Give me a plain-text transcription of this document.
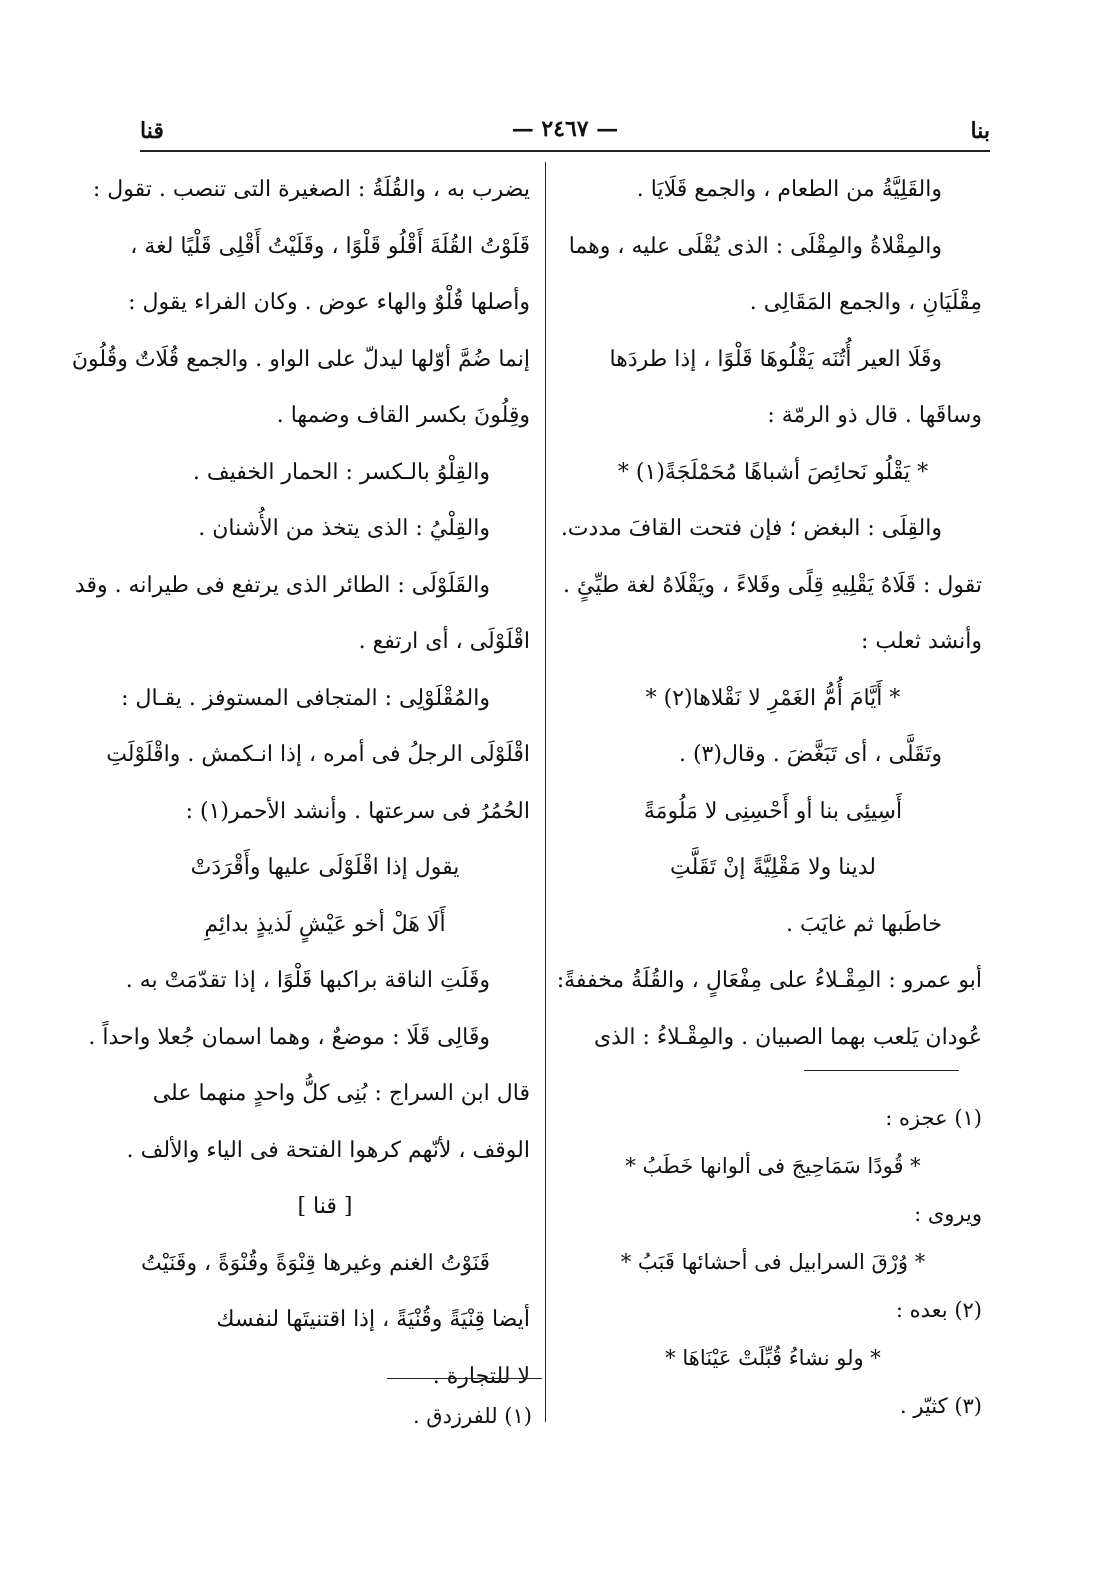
بنا
— ٢٤٦٧ —
قنا
والقَلِيَّةُ من الطعام ، والجمع قَلَايَا .
والمِقْلاةُ والمِقْلَى : الذى يُقْلَى عليه ، وهما
مِقْلَيَانِ ، والجمع المَقَالِى .
وقَلَا العير أُتُنَه يَقْلُوهَا قَلْوًا ، إذا طردَها
وساقَها . قال ذو الرمّة :
* يَقْلُو نَحائِصَ أشباهًا مُحَمْلَجَةً(١) *
والقِلَى : البغض ؛ فإن فتحت القافَ مددت.
تقول : قَلَاهُ يَقْلِيهِ قِلًى وقَلاءً ، ويَقْلَاهُ لغة طيِّئٍ .
وأنشد ثعلب :
* أَيَّامَ أُمُّ الغَمْرِ لا نَقْلاها(٢) *
وتَقَلَّى ، أى تَبَغَّضَ . وقال(٣) .
أَسِيئِى بنا أو أَحْسِنِى لا مَلُومَةً
لدينا ولا مَقْلِيَّةً إنْ تَقَلَّتِ
خاطَبها ثم غايَبَ .
أبو عمرو : المِقْـلاءُ على مِفْعَالٍ ، والقُلَةُ مخففةً:
عُودان يَلعب بهما الصبيان . والمِقْـلاءُ : الذى
(١) عجزه :
* قُودًا سَمَاحِيجَ فى ألوانها خَطَبُ *
ويروى :
* وُرْقَ السرابيل فى أحشائها قَبَبُ *
(٢) بعده :
* ولو نشاءُ قُبِّلَتْ عَيْنَاهَا *
(٣) كثيّر .
يضرب به ، والقُلَةُ : الصغيرة التى تنصب . تقول :
قَلَوْتُ القُلَةَ أَقْلُو قَلْوًا ، وقَلَيْتُ أَقْلِى قَلْيًا لغة ،
وأصلها قُلْوٌ والهاء عوض . وكان الفراء يقول :
إنما ضُمَّ أوّلها ليدلّ على الواو . والجمع قُلَاتٌ وقُلُونَ
وقِلُونَ بكسر القاف وضمها .
والقِلْوُ بالـكسر : الحمار الخفيف .
والقِلْيُ : الذى يتخذ من الأُشنان .
والقَلَوْلَى : الطائر الذى يرتفع فى طيرانه . وقد
اقْلَوْلَى ، أى ارتفع .
والمُقْلَوْلِى : المتجافى المستوفز . يقـال :
اقْلَوْلَى الرجلُ فى أمره ، إذا انـكمش . واقْلَوْلَتِ
الحُمُرُ فى سرعتها . وأنشد الأحمر(١) :
يقول إذا اقْلَوْلَى عليها وأَقْرَدَتْ
أَلَا هَلْ أخو عَيْشٍ لَذيذٍ بدائِمِ
وقَلَتِ الناقة براكبها قَلْوًا ، إذا تقدّمَتْ به .
وقَالِى قَلَا : موضعٌ ، وهما اسمان جُعلا واحداً .
قال ابن السراج : بُنِى كلُّ واحدٍ منهما على
الوقف ، لأنّهم كرهوا الفتحة فى الياء والألف .
[ قنا ]
قَنَوْتُ الغنم وغيرها قِنْوَةً وقُنْوَةً ، وقَنَيْتُ
أيضا قِنْيَةً وقُنْيَةً ، إذا اقتنيتَها لنفسك
لا للتجارة .
(١) للفرزدق .
